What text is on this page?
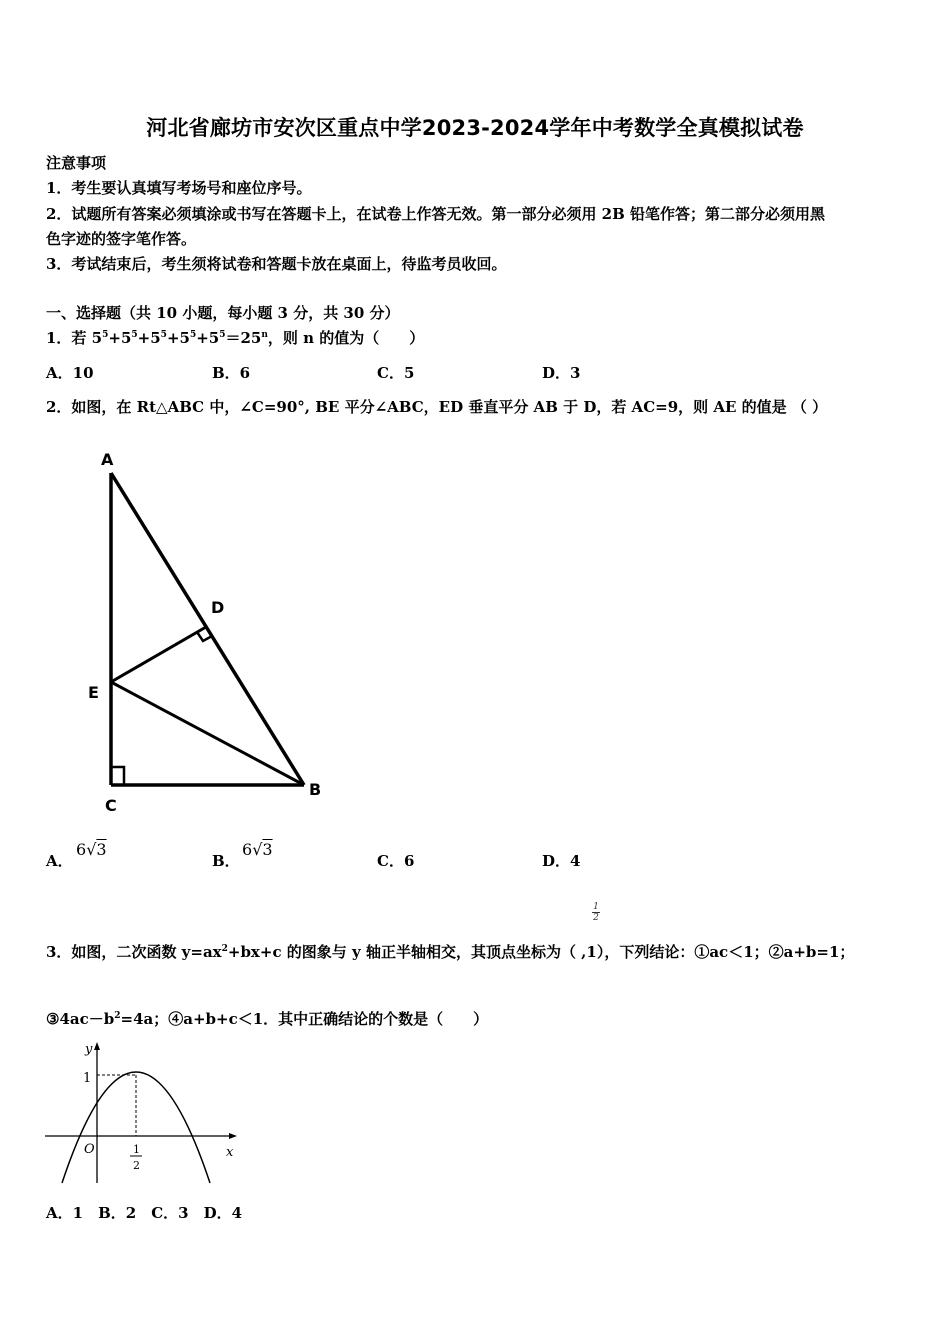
河北省廊坊市安次区重点中学2023-2024学年中考数学全真模拟试卷
注意事项
1．考生要认真填写考场号和座位序号。
2．试题所有答案必须填涂或书写在答题卡上，在试卷上作答无效。第一部分必须用 2B 铅笔作答；第二部分必须用黑
色字迹的签字笔作答。
3．考试结束后，考生须将试卷和答题卡放在桌面上，待监考员收回。
一、选择题（共 10 小题，每小题 3 分，共 30 分）
1．若 $5^5+5^5+5^5+5^5+5^5=25^n$，则 n 的值为（　　）
A．10	B．6	C．5	D．3
2．如图，在 Rt△ABC 中，∠C=90°, BE 平分∠ABC，ED 垂直平分 AB 于 D，若 AC=9，则 AE 的值是 （ ）
A
D
E
C
B
A．
6√3
B．
6√3
C．6	D．4
1
2
3．如图，二次函数 $y=ax^2+bx+c$ 的图象与 y 轴正半轴相交，其顶点坐标为（ ,1），下列结论：①ac＜1；②a+b=1；
$③4ac-b^2=4a$；④a+b+c＜1．其中正确结论的个数是（　　）
y
x
O
1
1
2
A．1　B．2　C．3　D．4
